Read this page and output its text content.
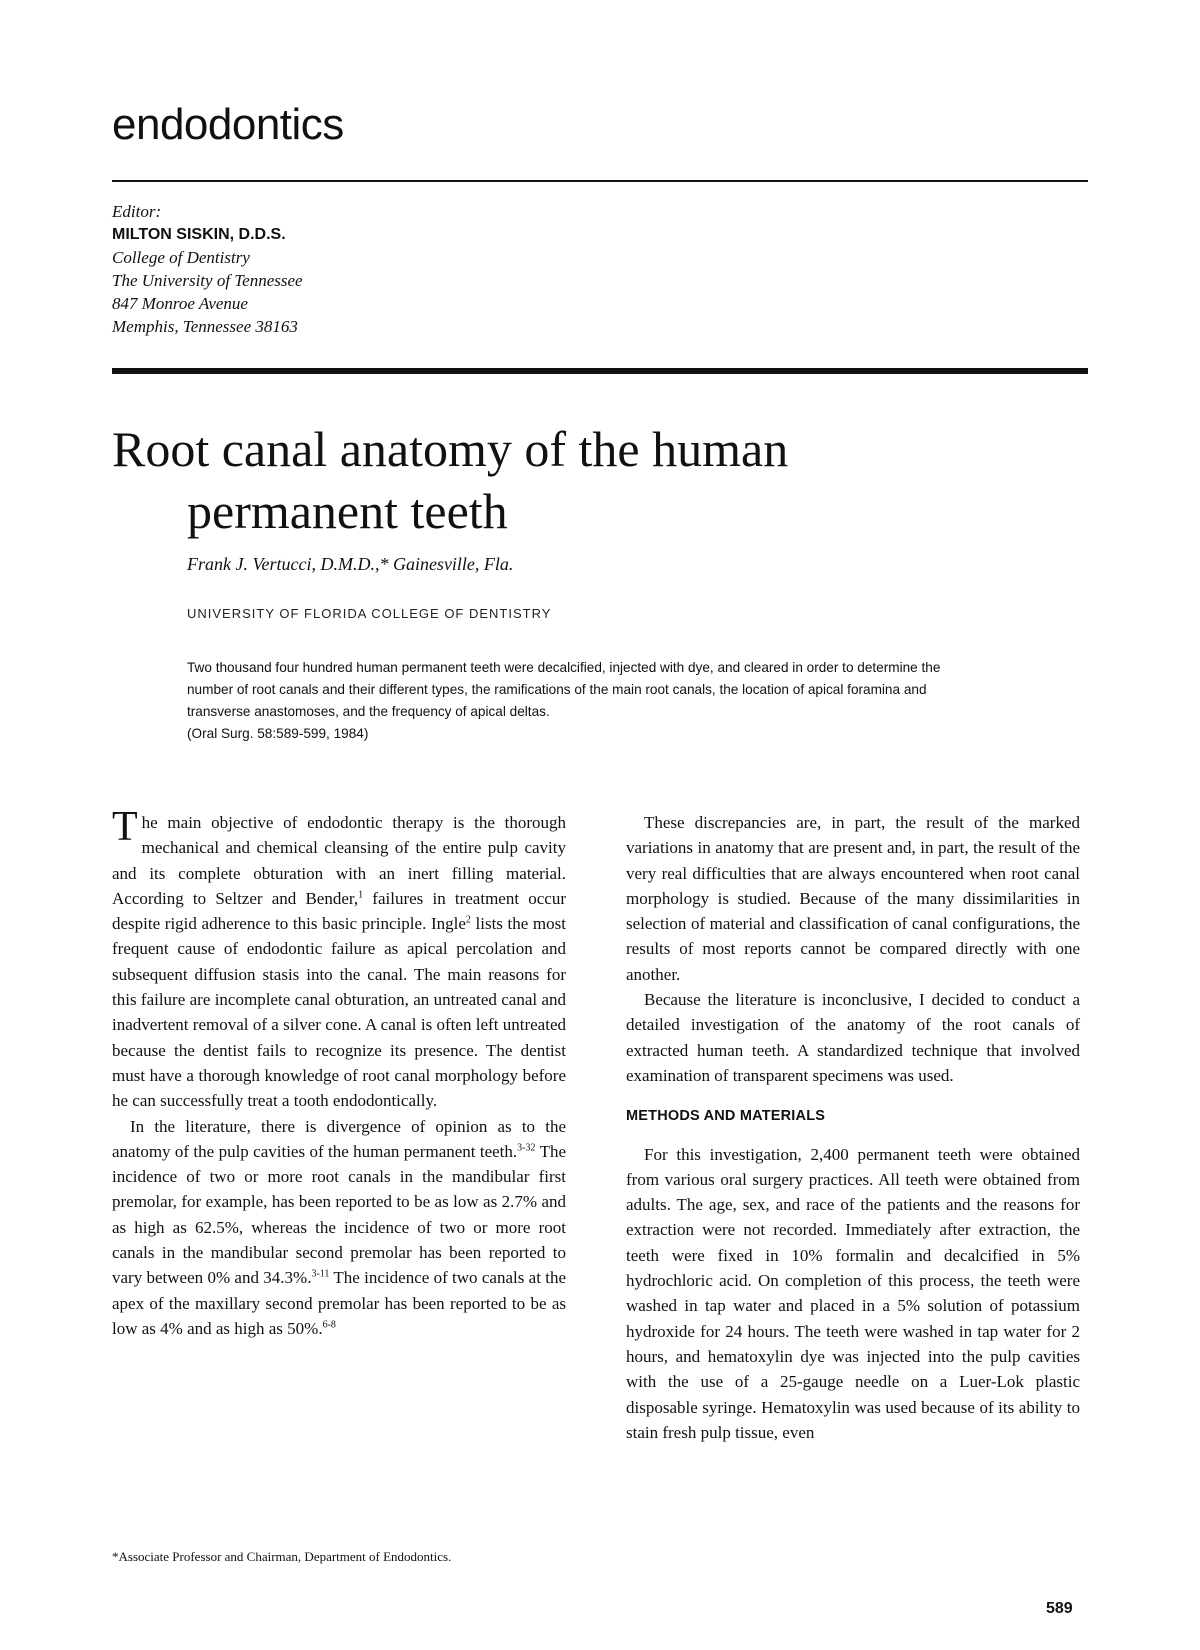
endodontics
Editor:
MILTON SISKIN, D.D.S.
College of Dentistry
The University of Tennessee
847 Monroe Avenue
Memphis, Tennessee 38163
Root canal anatomy of the human
permanent teeth
Frank J. Vertucci, D.M.D.,* Gainesville, Fla.
UNIVERSITY OF FLORIDA COLLEGE OF DENTISTRY

Two thousand four hundred human permanent teeth were decalcified, injected with dye, and cleared in order to determine the number of root canals and their different types, the ramifications of the main root canals, the location of apical foramina and transverse anastomoses, and the frequency of apical deltas.
(Oral Surg. 58:589-599, 1984)

The main objective of endodontic therapy is the thorough mechanical and chemical cleansing of the entire pulp cavity and its complete obturation with an inert filling material. According to Seltzer and Bender,$^1$ failures in treatment occur despite rigid adherence to this basic principle. Ingle$^2$ lists the most frequent cause of endodontic failure as apical percolation and subsequent diffusion stasis into the canal. The main reasons for this failure are incomplete canal obturation, an untreated canal and inadvertent removal of a silver cone. A canal is often left untreated because the dentist fails to recognize its presence. The dentist must have a thorough knowledge of root canal morphology before he can successfully treat a tooth endodontically.

In the literature, there is divergence of opinion as to the anatomy of the pulp cavities of the human permanent teeth.$^{3-32}$ The incidence of two or more root canals in the mandibular first premolar, for example, has been reported to be as low as 2.7% and as high as 62.5%, whereas the incidence of two or more root canals in the mandibular second premolar has been reported to vary between 0% and 34.3%.$^{3-11}$ The incidence of two canals at the apex of the maxillary second premolar has been reported to be as low as 4% and as high as 50%.$^{6-8}$

These discrepancies are, in part, the result of the marked variations in anatomy that are present and, in part, the result of the very real difficulties that are always encountered when root canal morphology is studied. Because of the many dissimilarities in selection of material and classification of canal configurations, the results of most reports cannot be compared directly with one another.

Because the literature is inconclusive, I decided to conduct a detailed investigation of the anatomy of the root canals of extracted human teeth. A standardized technique that involved examination of transparent specimens was used.

METHODS AND MATERIALS

For this investigation, 2,400 permanent teeth were obtained from various oral surgery practices. All teeth were obtained from adults. The age, sex, and race of the patients and the reasons for extraction were not recorded. Immediately after extraction, the teeth were fixed in 10% formalin and decalcified in 5% hydrochloric acid. On completion of this process, the teeth were washed in tap water and placed in a 5% solution of potassium hydroxide for 24 hours. The teeth were washed in tap water for 2 hours, and hematoxylin dye was injected into the pulp cavities with the use of a 25-gauge needle on a Luer-Lok plastic disposable syringe. Hematoxylin was used because of its ability to stain fresh pulp tissue, even

*Associate Professor and Chairman, Department of Endodontics.

589
